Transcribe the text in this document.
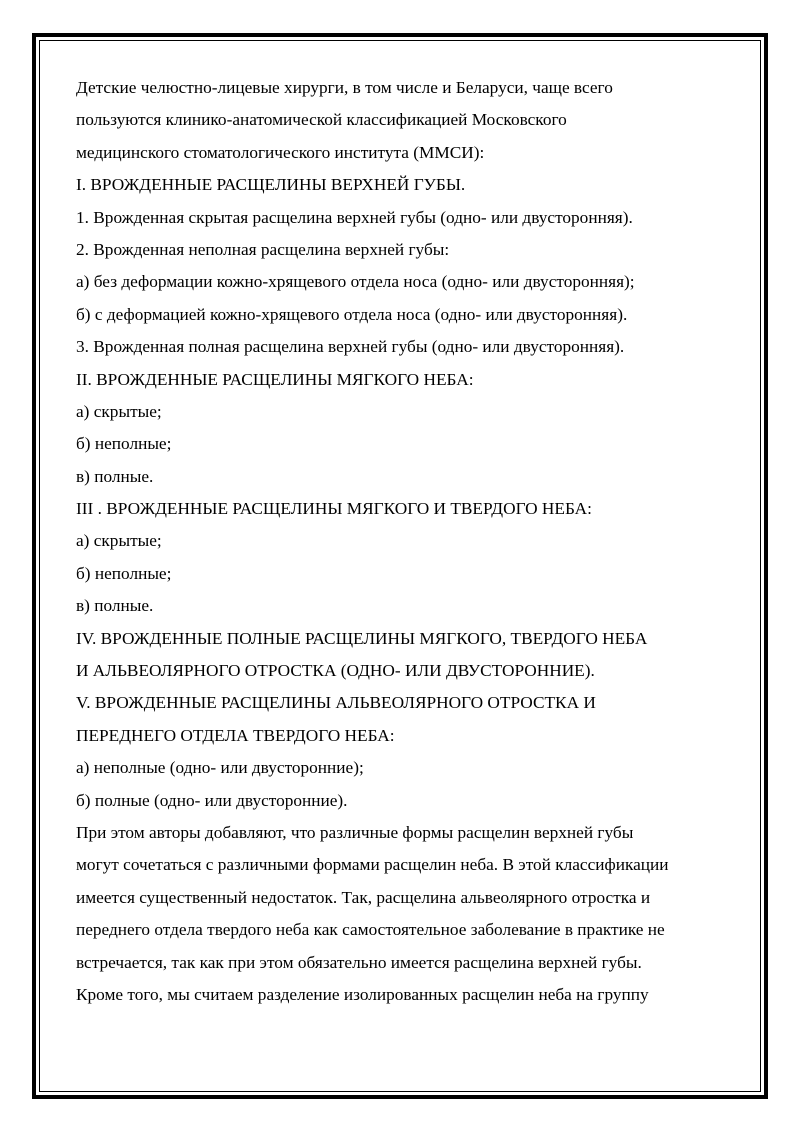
Детские челюстно-лицевые хирурги, в том числе и Беларуси, чаще всего

пользуются клинико-анатомической классификацией Московского

медицинского стоматологического института (ММСИ):

I. ВРОЖДЕННЫЕ РАСЩЕЛИНЫ ВЕРХНЕЙ ГУБЫ.

1. Врожденная скрытая расщелина верхней губы (одно- или двусторонняя).

2. Врожденная неполная расщелина верхней губы:

а) без деформации кожно-хрящевого отдела носа (одно- или двусторонняя);

б) с деформацией кожно-хрящевого отдела носа (одно- или двусторонняя).

3. Врожденная полная расщелина верхней губы (одно- или двусторонняя).

II. ВРОЖДЕННЫЕ РАСЩЕЛИНЫ МЯГКОГО НЕБА:

а) скрытые;

б) неполные;

в) полные.

III . ВРОЖДЕННЫЕ РАСЩЕЛИНЫ МЯГКОГО И ТВЕРДОГО НЕБА:

а) скрытые;

б) неполные;

в) полные.

IV. ВРОЖДЕННЫЕ ПОЛНЫЕ РАСЩЕЛИНЫ МЯГКОГО, ТВЕРДОГО НЕБА

И АЛЬВЕОЛЯРНОГО ОТРОСТКА (ОДНО- ИЛИ ДВУСТОРОННИЕ).

V. ВРОЖДЕННЫЕ РАСЩЕЛИНЫ АЛЬВЕОЛЯРНОГО ОТРОСТКА И

ПЕРЕДНЕГО ОТДЕЛА ТВЕРДОГО НЕБА:

а) неполные (одно- или двусторонние);

б) полные (одно- или двусторонние).

При этом авторы добавляют, что различные формы расщелин верхней губы

могут сочетаться с различными формами расщелин неба. В этой классификации

имеется существенный недостаток. Так, расщелина альвеолярного отростка и

переднего отдела твердого неба как самостоятельное заболевание в практике не

встречается, так как при этом обязательно имеется расщелина верхней губы.

Кроме того, мы считаем разделение изолированных расщелин неба на группу
